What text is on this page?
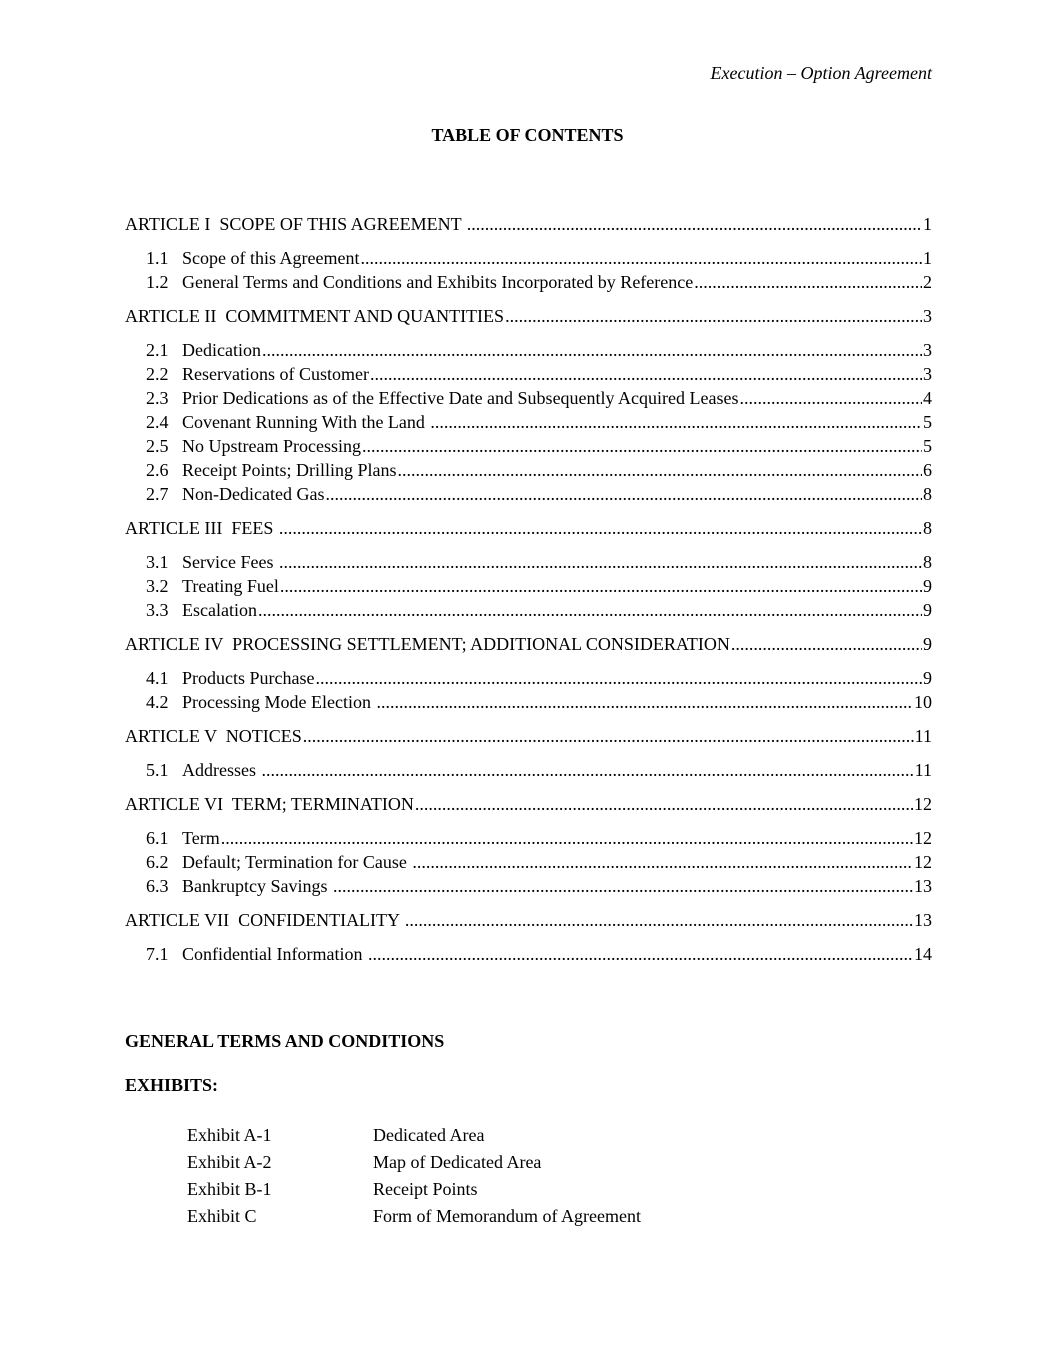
Execution – Option Agreement
TABLE OF CONTENTS
ARTICLE I  SCOPE OF THIS AGREEMENT .....	1
1.1 Scope of this Agreement .....	1
1.2 General Terms and Conditions and Exhibits Incorporated by Reference .....	2
ARTICLE II  COMMITMENT AND QUANTITIES .....	3
2.1 Dedication .....	3
2.2 Reservations of Customer .....	3
2.3 Prior Dedications as of the Effective Date and Subsequently Acquired Leases .....	4
2.4 Covenant Running With the Land .....	5
2.5 No Upstream Processing .....	5
2.6 Receipt Points; Drilling Plans .....	6
2.7 Non-Dedicated Gas .....	8
ARTICLE III  FEES .....	8
3.1 Service Fees .....	8
3.2 Treating Fuel .....	9
3.3 Escalation .....	9
ARTICLE IV  PROCESSING SETTLEMENT; ADDITIONAL CONSIDERATION .....	9
4.1 Products Purchase .....	9
4.2 Processing Mode Election .....	10
ARTICLE V  NOTICES .....	11
5.1 Addresses .....	11
ARTICLE VI  TERM; TERMINATION .....	12
6.1 Term .....	12
6.2 Default; Termination for Cause .....	12
6.3 Bankruptcy Savings .....	13
ARTICLE VII  CONFIDENTIALITY .....	13
7.1 Confidential Information .....	14
GENERAL TERMS AND CONDITIONS
EXHIBITS:
Exhibit A-1	Dedicated Area
Exhibit A-2	Map of Dedicated Area
Exhibit B-1	Receipt Points
Exhibit C	Form of Memorandum of Agreement
